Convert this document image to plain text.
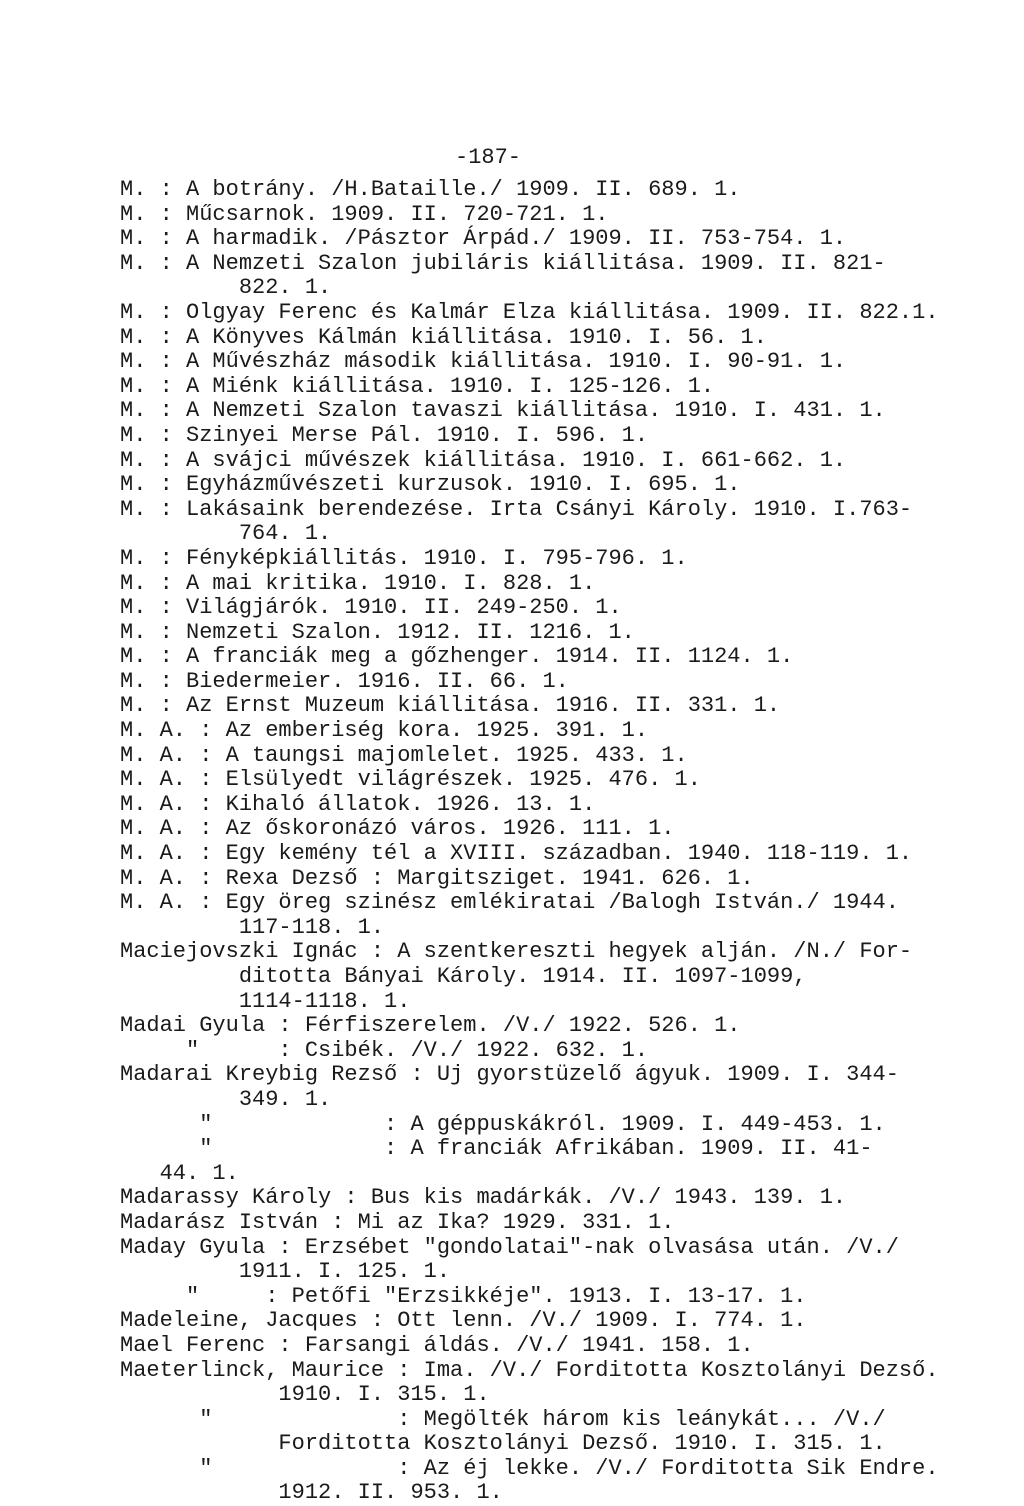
-187-
M. : A botrány. /H.Bataille./ 1909. II. 689. 1.
M. : Műcsarnok. 1909. II. 720-721. 1.
M. : A harmadik. /Pásztor Árpád./ 1909. II. 753-754. 1.
M. : A Nemzeti Szalon jubiláris kiállitása. 1909. II. 821-
822. 1.
M. : Olgyay Ferenc és Kalmár Elza kiállitása. 1909. II. 822.1.
M. : A Könyves Kálmán kiállitása. 1910. I. 56. 1.
M. : A Művészház második kiállitása. 1910. I. 90-91. 1.
M. : A Miénk kiállitása. 1910. I. 125-126. 1.
M. : A Nemzeti Szalon tavaszi kiállitása. 1910. I. 431. 1.
M. : Szinyei Merse Pál. 1910. I. 596. 1.
M. : A svájci művészek kiállitása. 1910. I. 661-662. 1.
M. : Egyházművészeti kurzusok. 1910. I. 695. 1.
M. : Lakásaink berendezése. Irta Csányi Károly. 1910. I.763-
764. 1.
M. : Fényképkiállitás. 1910. I. 795-796. 1.
M. : A mai kritika. 1910. I. 828. 1.
M. : Világjárók. 1910. II. 249-250. 1.
M. : Nemzeti Szalon. 1912. II. 1216. 1.
M. : A franciák meg a gőzhenger. 1914. II. 1124. 1.
M. : Biedermeier. 1916. II. 66. 1.
M. : Az Ernst Muzeum kiállitása. 1916. II. 331. 1.
M. A. : Az emberiség kora. 1925. 391. 1.
M. A. : A taungsi majomlelet. 1925. 433. 1.
M. A. : Elsülyedt világrészek. 1925. 476. 1.
M. A. : Kihaló állatok. 1926. 13. 1.
M. A. : Az őskoronázó város. 1926. 111. 1.
M. A. : Egy kemény tél a XVIII. században. 1940. 118-119. 1.
M. A. : Rexa Dezső : Margitsziget. 1941. 626. 1.
M. A. : Egy öreg szinész emlékiratai /Balogh István./ 1944.
117-118. 1.
Maciejovszki Ignác : A szentkereszti hegyek alján. /N./ For-
ditotta Bányai Károly. 1914. II. 1097-1099,
1114-1118. 1.
Madai Gyula : Férfiszerelem. /V./ 1922. 526. 1.
"      : Csibék. /V./ 1922. 632. 1.
Madarai Kreybig Rezső : Uj gyorstüzelő ágyuk. 1909. I. 344-
349. 1.
"             : A géppuskákról. 1909. I. 449-453. 1.
"             : A franciák Afrikában. 1909. II. 41-
44. 1.
Madarassy Károly : Bus kis madárkák. /V./ 1943. 139. 1.
Madarász István : Mi az Ika? 1929. 331. 1.
Maday Gyula : Erzsébet "gondolatai"-nak olvasása után. /V./
1911. I. 125. 1.
"     : Petőfi "Erzsikkéje". 1913. I. 13-17. 1.
Madeleine, Jacques : Ott lenn. /V./ 1909. I. 774. 1.
Mael Ferenc : Farsangi áldás. /V./ 1941. 158. 1.
Maeterlinck, Maurice : Ima. /V./ Forditotta Kosztolányi Dezső.
1910. I. 315. 1.
"              : Megölték három kis leánykát... /V./
Forditotta Kosztolányi Dezső. 1910. I. 315. 1.
"              : Az éj lekke. /V./ Forditotta Sik Endre.
1912. II. 953. 1.
